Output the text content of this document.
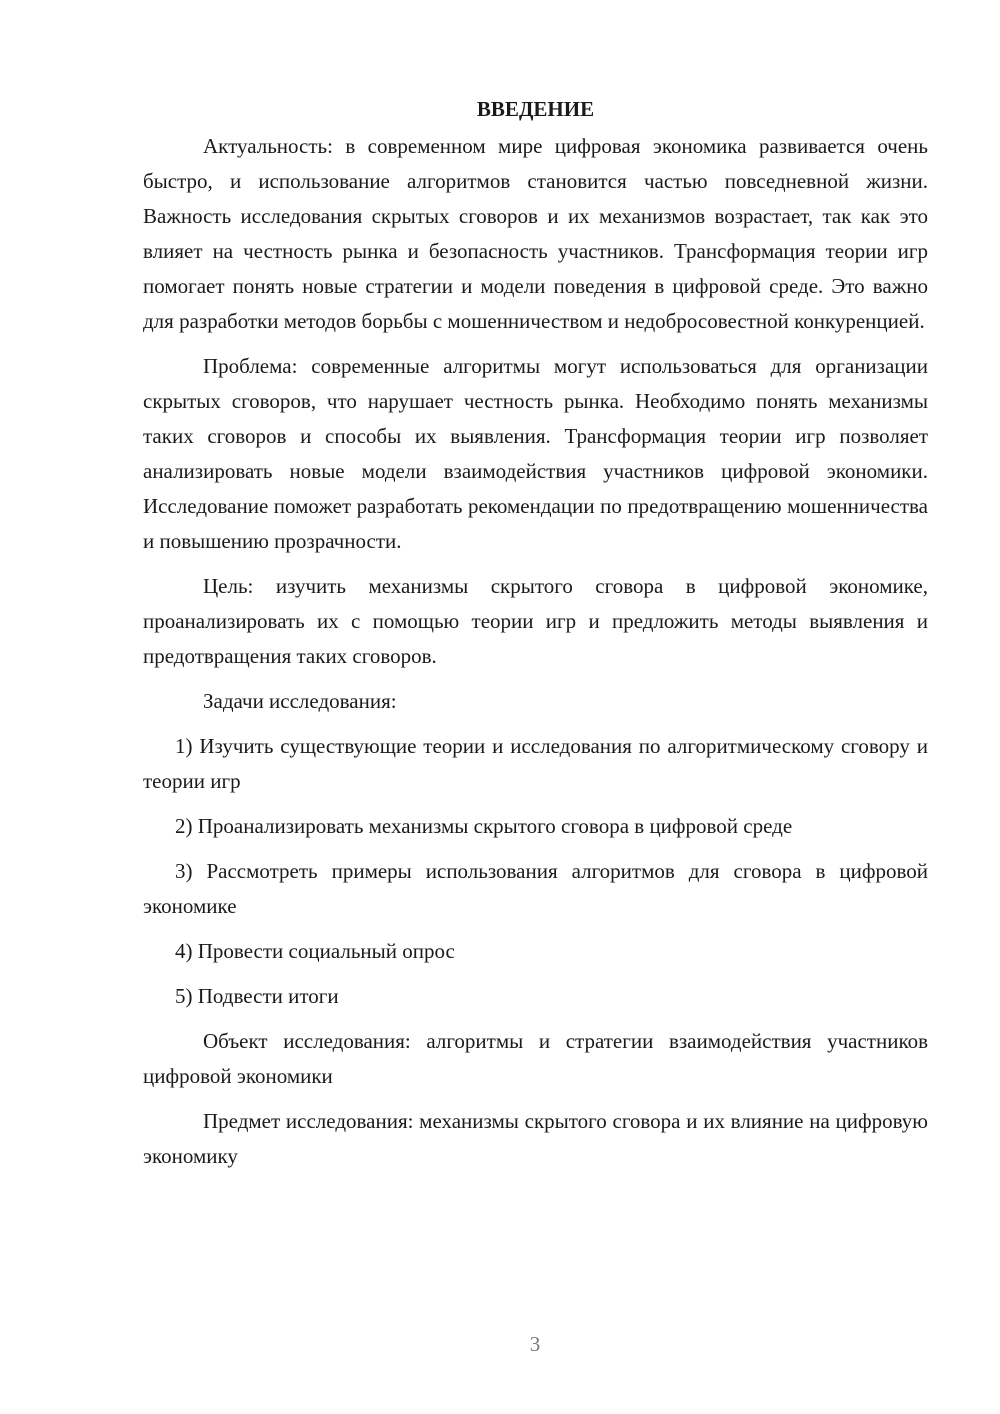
ВВЕДЕНИЕ

Актуальность: в современном мире цифровая экономика развивается очень быстро, и использование алгоритмов становится частью повседневной жизни. Важность исследования скрытых сговоров и их механизмов возрастает, так как это влияет на честность рынка и безопасность участников. Трансформация теории игр помогает понять новые стратегии и модели поведения в цифровой среде. Это важно для разработки методов борьбы с мошенничеством и недобросовестной конкуренцией.

Проблема: современные алгоритмы могут использоваться для организации скрытых сговоров, что нарушает честность рынка. Необходимо понять механизмы таких сговоров и способы их выявления. Трансформация теории игр позволяет анализировать новые модели взаимодействия участников цифровой экономики. Исследование поможет разработать рекомендации по предотвращению мошенничества и повышению прозрачности.

Цель: изучить механизмы скрытого сговора в цифровой экономике, проанализировать их с помощью теории игр и предложить методы выявления и предотвращения таких сговоров.

Задачи исследования:

1) Изучить существующие теории и исследования по алгоритмическому сговору и теории игр

2) Проанализировать механизмы скрытого сговора в цифровой среде

3) Рассмотреть примеры использования алгоритмов для сговора в цифровой экономике

4) Провести социальный опрос

5) Подвести итоги

Объект исследования: алгоритмы и стратегии взаимодействия участников цифровой экономики

Предмет исследования: механизмы скрытого сговора и их влияние на цифровую экономику

3
